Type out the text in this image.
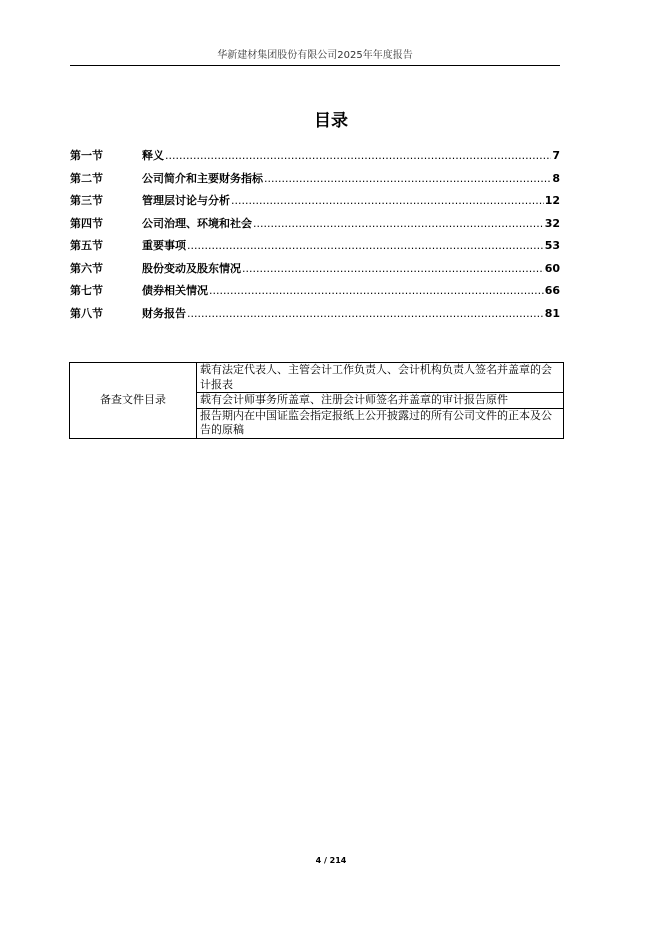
华新建材集团股份有限公司2025年年度报告
目录
第一节	释义 .....	7
第二节	公司简介和主要财务指标 .....	8
第三节	管理层讨论与分析 .....	12
第四节	公司治理、环境和社会 .....	32
第五节	重要事项 .....	53
第六节	股份变动及股东情况 .....	60
第七节	债券相关情况 .....	66
第八节	财务报告 .....	81
备查文件目录	载有法定代表人、主管会计工作负责人、会计机构负责人签名并盖章的会计报表
载有会计师事务所盖章、注册会计师签名并盖章的审计报告原件
报告期内在中国证监会指定报纸上公开披露过的所有公司文件的正本及公告的原稿
4 / 214
